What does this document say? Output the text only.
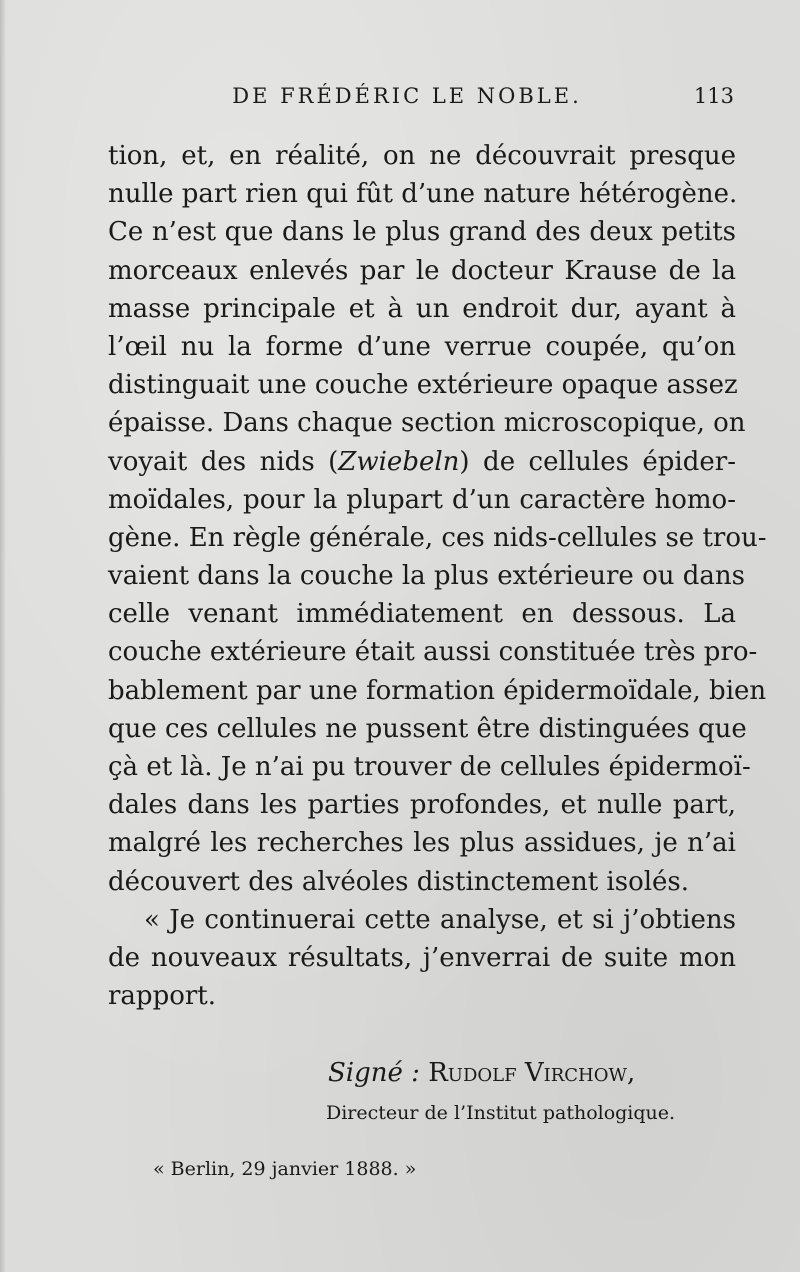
DE FRÉDÉRIC LE NOBLE.	113
tion, et, en réalité, on ne découvrait presque
nulle part rien qui fût d’une nature hétérogène.
Ce n’est que dans le plus grand des deux petits
morceaux enlevés par le docteur Krause de la
masse principale et à un endroit dur, ayant à
l’œil nu la forme d’une verrue coupée, qu’on
distinguait une couche extérieure opaque assez
épaisse. Dans chaque section microscopique, on
voyait des nids (Zwiebeln) de cellules épider-
moïdales, pour la plupart d’un caractère homo-
gène. En règle générale, ces nids-cellules se trou-
vaient dans la couche la plus extérieure ou dans
celle venant immédiatement en dessous. La
couche extérieure était aussi constituée très pro-
bablement par une formation épidermoïdale, bien
que ces cellules ne pussent être distinguées que
çà et là. Je n’ai pu trouver de cellules épidermoï-
dales dans les parties profondes, et nulle part,
malgré les recherches les plus assidues, je n’ai
découvert des alvéoles distinctement isolés.
« Je continuerai cette analyse, et si j’obtiens
de nouveaux résultats, j’enverrai de suite mon
rapport.
Signé : Rudolf Virchow,
Directeur de l’Institut pathologique.
« Berlin, 29 janvier 1888. »
